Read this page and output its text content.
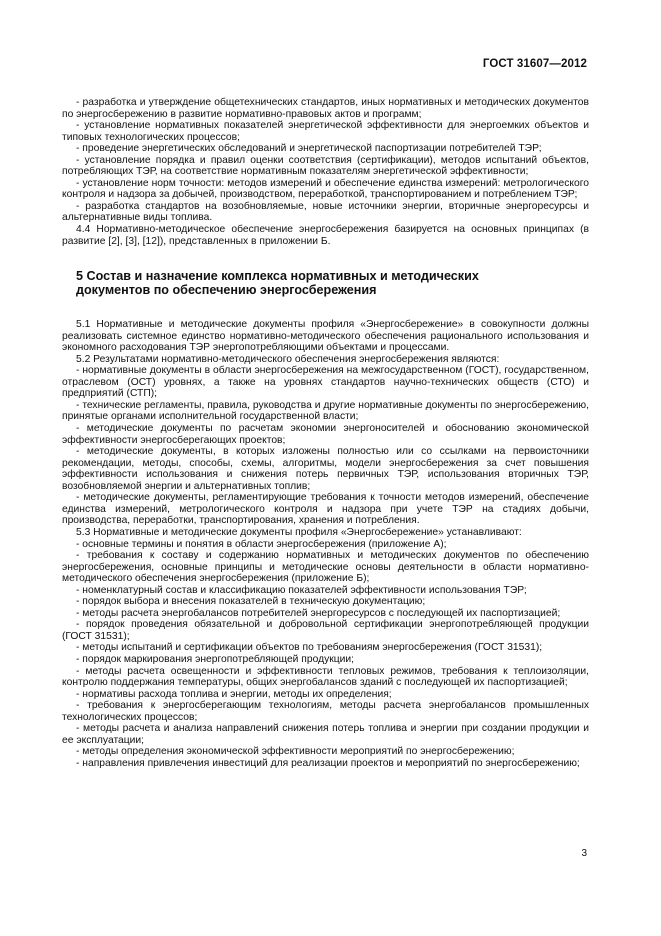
ГОСТ 31607—2012

- разработка и утверждение общетехнических стандартов, иных нормативных и методических документов по энергосбережению в развитие нормативно-правовых актов и программ;

- установление нормативных показателей энергетической эффективности для энергоемких объектов и типовых технологических процессов;

- проведение энергетических обследований и энергетической паспортизации потребителей ТЭР;

- установление порядка и правил оценки соответствия (сертификации), методов испытаний объектов, потребляющих ТЭР, на соответствие нормативным показателям энергетической эффективности;

- установление норм точности: методов измерений и обеспечение единства измерений: метрологического контроля и надзора за добычей, производством, переработкой, транспортированием и потреблением ТЭР;

- разработка стандартов на возобновляемые, новые источники энергии, вторичные энергоресурсы и альтернативные виды топлива.

4.4 Нормативно-методическое обеспечение энергосбережения базируется на основных принципах (в развитие [2], [3], [12]), представленных в приложении Б.

5 Состав и назначение комплекса нормативных и методических
документов по обеспечению энергосбережения

5.1 Нормативные и методические документы профиля «Энергосбережение» в совокупности должны реализовать системное единство нормативно-методического обеспечения рационального использования и экономного расходования ТЭР энергопотребляющими объектами и процессами.

5.2 Результатами нормативно-методического обеспечения энергосбережения являются:

- нормативные документы в области энергосбережения на межгосударственном (ГОСТ), государственном, отраслевом (ОСТ) уровнях, а также на уровнях стандартов научно-технических обществ (СТО) и предприятий (СТП);

- технические регламенты, правила, руководства и другие нормативные документы по энергосбережению, принятые органами исполнительной государственной власти;

- методические документы по расчетам экономии энергоносителей и обоснованию экономической эффективности энергосберегающих проектов;

- методические документы, в которых изложены полностью или со ссылками на первоисточники рекомендации, методы, способы, схемы, алгоритмы, модели энергосбережения за счет повышения эффективности использования и снижения потерь первичных ТЭР, использования вторичных ТЭР, возобновляемой энергии и альтернативных топлив;

- методические документы, регламентирующие требования к точности методов измерений, обеспечение единства измерений, метрологического контроля и надзора при учете ТЭР на стадиях добычи, производства, переработки, транспортирования, хранения и потребления.

5.3 Нормативные и методические документы профиля «Энергосбережение» устанавливают:

- основные термины и понятия в области энергосбережения (приложение А);

- требования к составу и содержанию нормативных и методических документов по обеспечению энергосбережения, основные принципы и методические основы деятельности в области нормативно-методического обеспечения энергосбережения (приложение Б);

- номенклатурный состав и классификацию показателей эффективности использования ТЭР;

- порядок выбора и внесения показателей в техническую документацию;

- методы расчета энергобалансов потребителей энергоресурсов с последующей их паспортизацией;

- порядок проведения обязательной и добровольной сертификации энергопотребляющей продукции (ГОСТ 31531);

- методы испытаний и сертификации объектов по требованиям энергосбережения (ГОСТ 31531);

- порядок маркирования энергопотребляющей продукции;

- методы расчета освещенности и эффективности тепловых режимов, требования к теплоизоляции, контролю поддержания температуры, общих энергобалансов зданий с последующей их паспортизацией;

- нормативы расхода топлива и энергии, методы их определения;

- требования к энергосберегающим технологиям, методы расчета энергобалансов промышленных технологических процессов;

- методы расчета и анализа направлений снижения потерь топлива и энергии при создании продукции и ее эксплуатации;

- методы определения экономической эффективности мероприятий по энергосбережению;

- направления привлечения инвестиций для реализации проектов и мероприятий по энергосбережению;

3
